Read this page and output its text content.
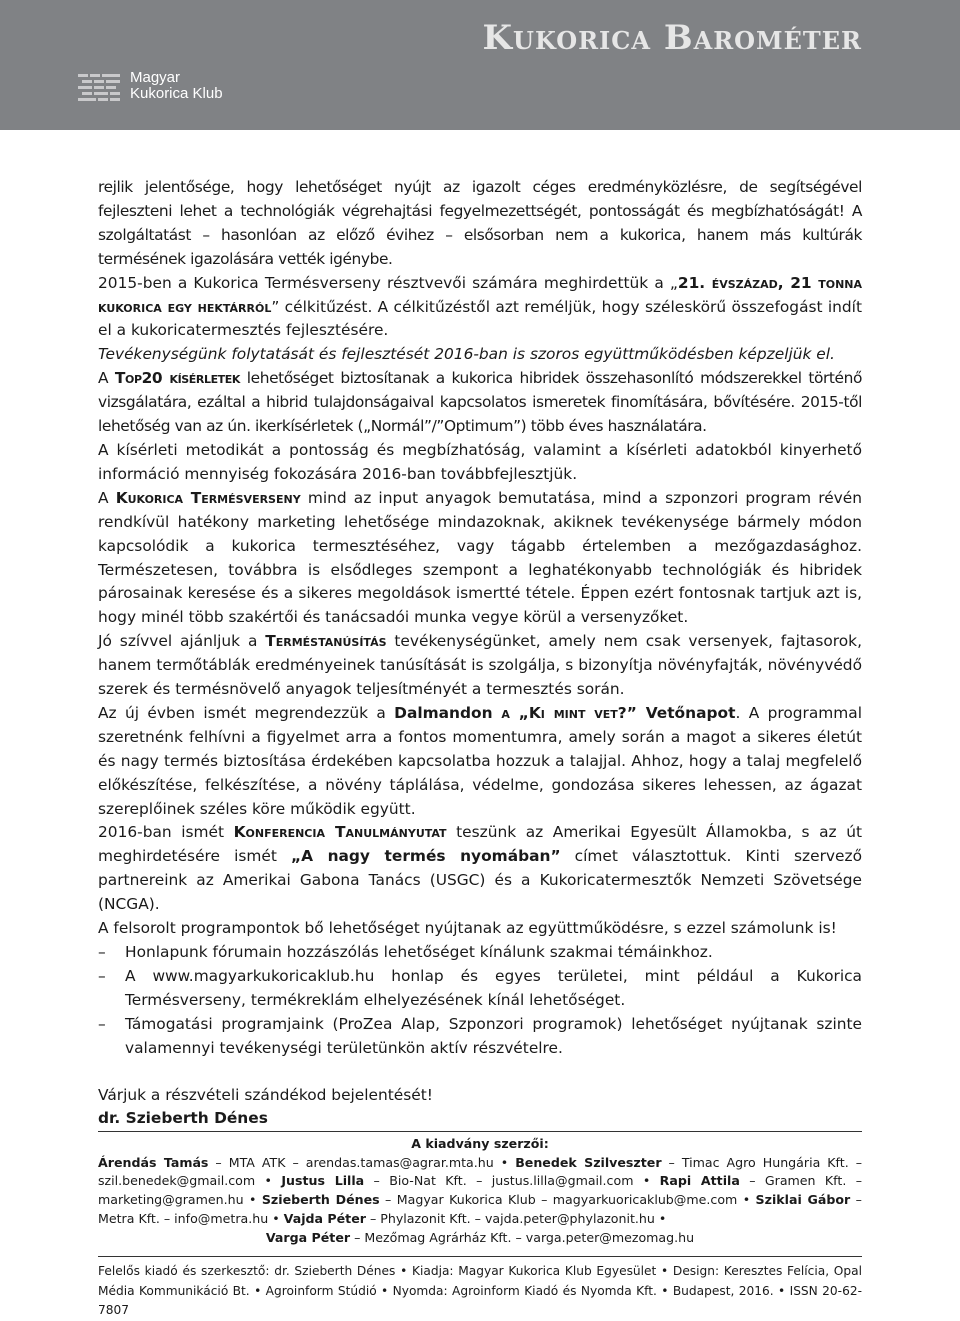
Kukorica Barométer
Magyar
Kukorica Klub

rejlik jelentősége, hogy lehetőséget nyújt az igazolt céges eredményközlésre, de segítségével fejleszteni lehet a technológiák végrehajtási fegyelmezettségét, pontosságát és megbízhatóságát! A szolgáltatást – hasonlóan az előző évihez – elsősorban nem a kukorica, hanem más kultúrák termésének igazolására vették igénybe.

2015-ben a Kukorica Termésverseny résztvevői számára meghirdettük a „21. évszázad, 21 tonna kukorica egy hektárról” célkitűzést. A célkitűzéstől azt reméljük, hogy széleskörű összefogást indít el a kukoricatermesztés fejlesztésére.

Tevékenységünk folytatását és fejlesztését 2016-ban is szoros együttműködésben képzeljük el.

A Top20 kísérletek lehetőséget biztosítanak a kukorica hibridek összehasonlító módszerekkel történő vizsgálatára, ezáltal a hibrid tulajdonságaival kapcsolatos ismeretek finomítására, bővítésére. 2015-től lehetőség van az ún. ikerkísérletek („Normál”/”Optimum”) több éves használatára.

A kísérleti metodikát a pontosság és megbízhatóság, valamint a kísérleti adatokból kinyerhető információ mennyiség fokozására 2016-ban továbbfejlesztjük.

A Kukorica Termésverseny mind az input anyagok bemutatása, mind a szponzori program révén rendkívül hatékony marketing lehetősége mindazoknak, akiknek tevékenysége bármely módon kapcsolódik a kukorica termesztéséhez, vagy tágabb értelemben a mezőgazdasághoz. Természetesen, továbbra is elsődleges szempont a leghatékonyabb technológiák és hibridek párosainak keresése és a sikeres megoldások ismertté tétele. Éppen ezért fontosnak tartjuk azt is, hogy minél több szakértői és tanácsadói munka vegye körül a versenyzőket.

Jó szívvel ajánljuk a Terméstanúsítás tevékenységünket, amely nem csak versenyek, fajtasorok, hanem termőtáblák eredményeinek tanúsítását is szolgálja, s bizonyítja növényfajták, növényvédő szerek és termésnövelő anyagok teljesítményét a termesztés során.

Az új évben ismét megrendezzük a Dalmandon a „Ki mint vet?” Vetőnapot. A programmal szeretnénk felhívni a figyelmet arra a fontos momentumra, amely során a magot a sikeres életút és nagy termés biztosítása érdekében kapcsolatba hozzuk a talajjal. Ahhoz, hogy a talaj megfelelő előkészítése, felkészítése, a növény táplálása, védelme, gondozása sikeres lehessen, az ágazat szereplőinek széles köre működik együtt.

2016-ban ismét Konferencia Tanulmányutat teszünk az Amerikai Egyesült Államokba, s az út meghirdetésére ismét „A nagy termés nyomában” címet választottuk. Kinti szervező partnereink az Amerikai Gabona Tanács (USGC) és a Kukoricatermesztők Nemzeti Szövetsége (NCGA).

A felsorolt programpontok bő lehetőséget nyújtanak az együttműködésre, s ezzel számolunk is!

–	Honlapunk fórumain hozzászólás lehetőséget kínálunk szakmai témáinkhoz.
–	A www.magyarkukoricaklub.hu honlap és egyes területei, mint például a Kukorica Termésverseny, termékreklám elhelyezésének kínál lehetőséget.
–	Támogatási programjaink (ProZea Alap, Szponzori programok) lehetőséget nyújtanak szinte valamennyi tevékenységi területünkön aktív részvételre.

Várjuk a részvételi szándékod bejelentését!

dr. Szieberth Dénes

A kiadvány szerzői:
Árendás Tamás – MTA ATK – arendas.tamas@agrar.mta.hu • Benedek Szilveszter – Timac Agro Hungária Kft. – szil.benedek@gmail.com • Justus Lilla – Bio-Nat Kft. – justus.lilla@gmail.com • Rapi Attila – Gramen Kft. – marketing@gramen.hu • Szieberth Dénes – Magyar Kukorica Klub – magyarkuoricaklub@me.com • Sziklai Gábor – Metra Kft. – info@metra.hu • Vajda Péter – Phylazonit Kft. – vajda.peter@phylazonit.hu •
Varga Péter – Mezőmag Agrárház Kft. – varga.peter@mezomag.hu
Felelős kiadó és szerkesztő: dr. Szieberth Dénes • Kiadja: Magyar Kukorica Klub Egyesület • Design: Keresztes Felícia, Opal Média Kommunikáció Bt. • Agroinform Stúdió • Nyomda: Agroinform Kiadó és Nyomda Kft. • Budapest, 2016. • ISSN 20-62-7807
